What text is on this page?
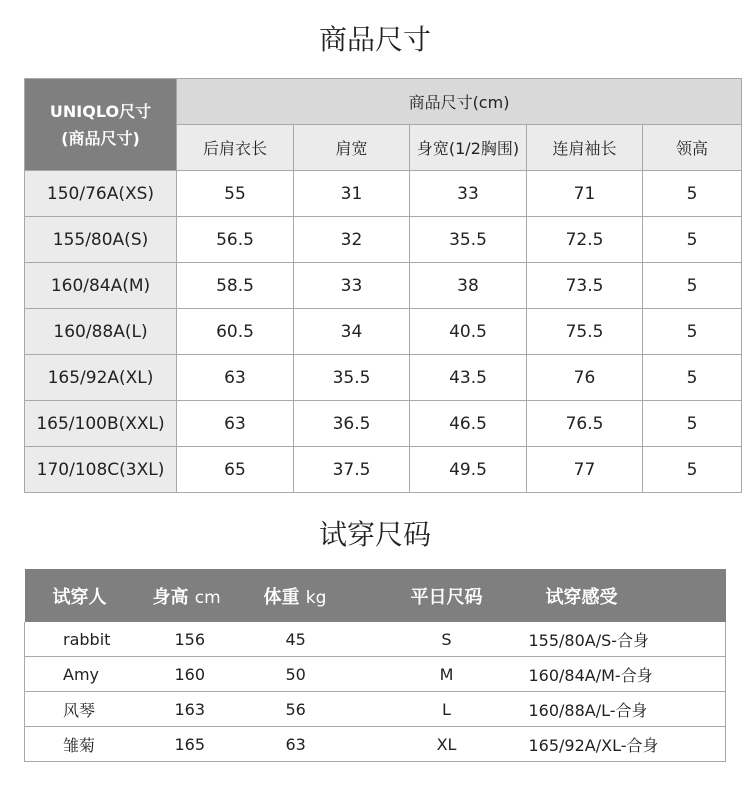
商品尺寸
UNIQLO尺寸
(商品尺寸)	商品尺寸(cm)				
	后肩衣长	肩宽	身宽(1/2胸围)	连肩袖长	领高
150/76A(XS)	55	31	33	71	5
155/80A(S)	56.5	32	35.5	72.5	5
160/84A(M)	58.5	33	38	73.5	5
160/88A(L)	60.5	34	40.5	75.5	5
165/92A(XL)	63	35.5	43.5	76	5
165/100B(XXL)	63	36.5	46.5	76.5	5
170/108C(3XL)	65	37.5	49.5	77	5
试穿尺码
试穿人	身高 cm	体重 kg	平日尺码	试穿感受
rabbit	156	45	S	155/80A/S-合身
Amy	160	50	M	160/84A/M-合身
风琴	163	56	L	160/88A/L-合身
雏菊	165	63	XL	165/92A/XL-合身
